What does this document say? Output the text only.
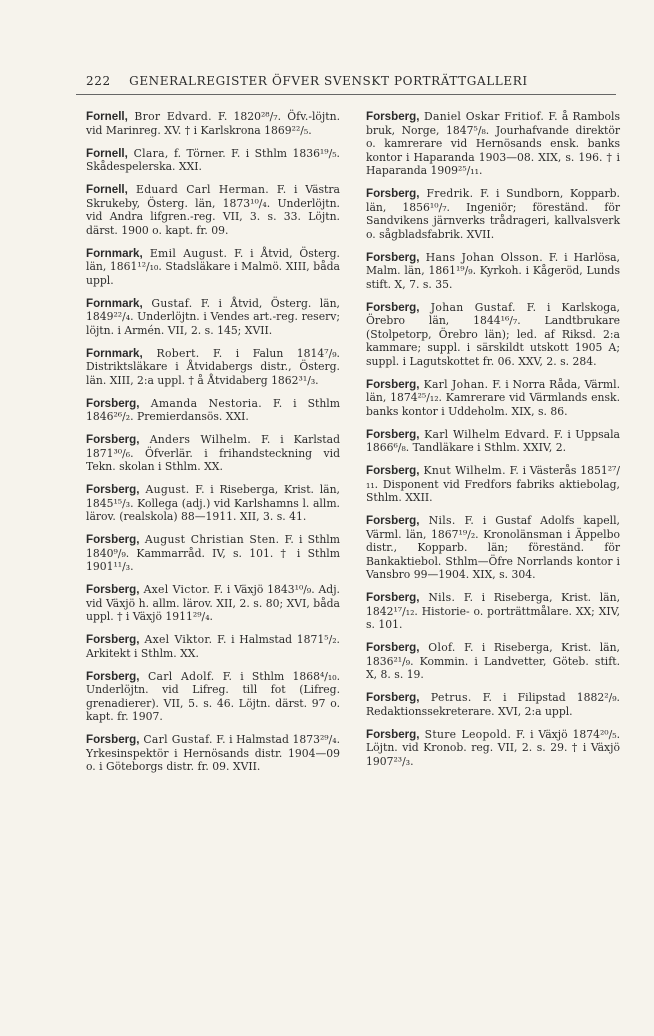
222 GENERALREGISTER ÖFVER SVENSKT PORTRÄTTGALLERI

Fornell, Bror Edvard. F. 1820²⁸/₇. Öfv.-löjtn. vid Marinreg. XV. † i Karlskrona 1869²²/₅.

Fornell, Clara, f. Törner. F. i Sthlm 1836¹⁹/₅. Skådespelerska. XXI.

Fornell, Eduard Carl Herman. F. i Västra Skrukeby, Österg. län, 1873¹⁰/₄. Underlöjtn. vid Andra lifgren.-reg. VII, 3. s. 33. Löjtn. därst. 1900 o. kapt. fr. 09.

Fornmark, Emil August. F. i Åtvid, Österg. län, 1861¹²/₁₀. Stadsläkare i Malmö. XIII, båda uppl.

Fornmark, Gustaf. F. i Åtvid, Österg. län, 1849²²/₄. Underlöjtn. i Vendes art.-reg. reserv; löjtn. i Armén. VII, 2. s. 145; XVII.

Fornmark, Robert. F. i Falun 1814⁷/₉. Distriktsläkare i Åtvidabergs distr., Österg. län. XIII, 2:a uppl. † å Åtvidaberg 1862³¹/₃.

Forsberg, Amanda Nestoria. F. i Sthlm 1846²⁶/₂. Premierdansös. XXI.

Forsberg, Anders Wilhelm. F. i Karlstad 1871³⁰/₆. Öfverlär. i frihandsteckning vid Tekn. skolan i Sthlm. XX.

Forsberg, August. F. i Riseberga, Krist. län, 1845¹⁵/₃. Kollega (adj.) vid Karlshamns l. allm. lärov. (realskola) 88—1911. XII, 3. s. 41.

Forsberg, August Christian Sten. F. i Sthlm 1840⁹/₉. Kammarråd. IV, s. 101. † i Sthlm 1901¹¹/₃.

Forsberg, Axel Victor. F. i Växjö 1843¹⁰/₉. Adj. vid Växjö h. allm. lärov. XII, 2. s. 80; XVI, båda uppl. † i Växjö 1911²⁹/₄.

Forsberg, Axel Viktor. F. i Halmstad 1871⁵/₂. Arkitekt i Sthlm. XX.

Forsberg, Carl Adolf. F. i Sthlm 1868⁴/₁₀. Underlöjtn. vid Lifreg. till fot (Lifreg. grenadierer). VII, 5. s. 46. Löjtn. därst. 97 o. kapt. fr. 1907.

Forsberg, Carl Gustaf. F. i Halmstad 1873²⁹/₄. Yrkesinspektör i Hernösands distr. 1904—09 o. i Göteborgs distr. fr. 09. XVII.

Forsberg, Daniel Oskar Fritiof. F. å Rambols bruk, Norge, 1847⁵/₈. Jourhafvande direktör o. kamrerare vid Hernösands ensk. banks kontor i Haparanda 1903—08. XIX, s. 196. † i Haparanda 1909²⁵/₁₁.

Forsberg, Fredrik. F. i Sundborn, Kopparb. län, 1856¹⁰/₇. Ingeniör; föreständ. för Sandvikens järnverks trådrageri, kallvalsverk o. sågbladsfabrik. XVII.

Forsberg, Hans Johan Olsson. F. i Harlösa, Malm. län, 1861¹⁹/₉. Kyrkoh. i Kågeröd, Lunds stift. X, 7. s. 35.

Forsberg, Johan Gustaf. F. i Karlskoga, Örebro län, 1844¹⁶/₇. Landtbrukare (Stolpetorp, Örebro län); led. af Riksd. 2:a kammare; suppl. i särskildt utskott 1905 A; suppl. i Lagutskottet fr. 06. XXV, 2. s. 284.

Forsberg, Karl Johan. F. i Norra Råda, Värml. län, 1874²⁵/₁₂. Kamrerare vid Värmlands ensk. banks kontor i Uddeholm. XIX, s. 86.

Forsberg, Karl Wilhelm Edvard. F. i Uppsala 1866⁶/₈. Tandläkare i Sthlm. XXIV, 2.

Forsberg, Knut Wilhelm. F. i Västerås 1851²⁷/₁₁. Disponent vid Fredfors fabriks aktiebolag, Sthlm. XXII.

Forsberg, Nils. F. i Gustaf Adolfs kapell, Värml. län, 1867¹⁹/₂. Kronolänsman i Äppelbo distr., Kopparb. län; föreständ. för Bankaktiebol. Sthlm—Öfre Norrlands kontor i Vansbro 99—1904. XIX, s. 304.

Forsberg, Nils. F. i Riseberga, Krist. län, 1842¹⁷/₁₂. Historie- o. porträttmålare. XX; XIV, s. 101.

Forsberg, Olof. F. i Riseberga, Krist. län, 1836²¹/₉. Kommin. i Landvetter, Göteb. stift. X, 8. s. 19.

Forsberg, Petrus. F. i Filipstad 1882²/₉. Redaktionssekreterare. XVI, 2:a uppl.

Forsberg, Sture Leopold. F. i Växjö 1874²⁰/₅. Löjtn. vid Kronob. reg. VII, 2. s. 29. † i Växjö 1907²³/₃.
